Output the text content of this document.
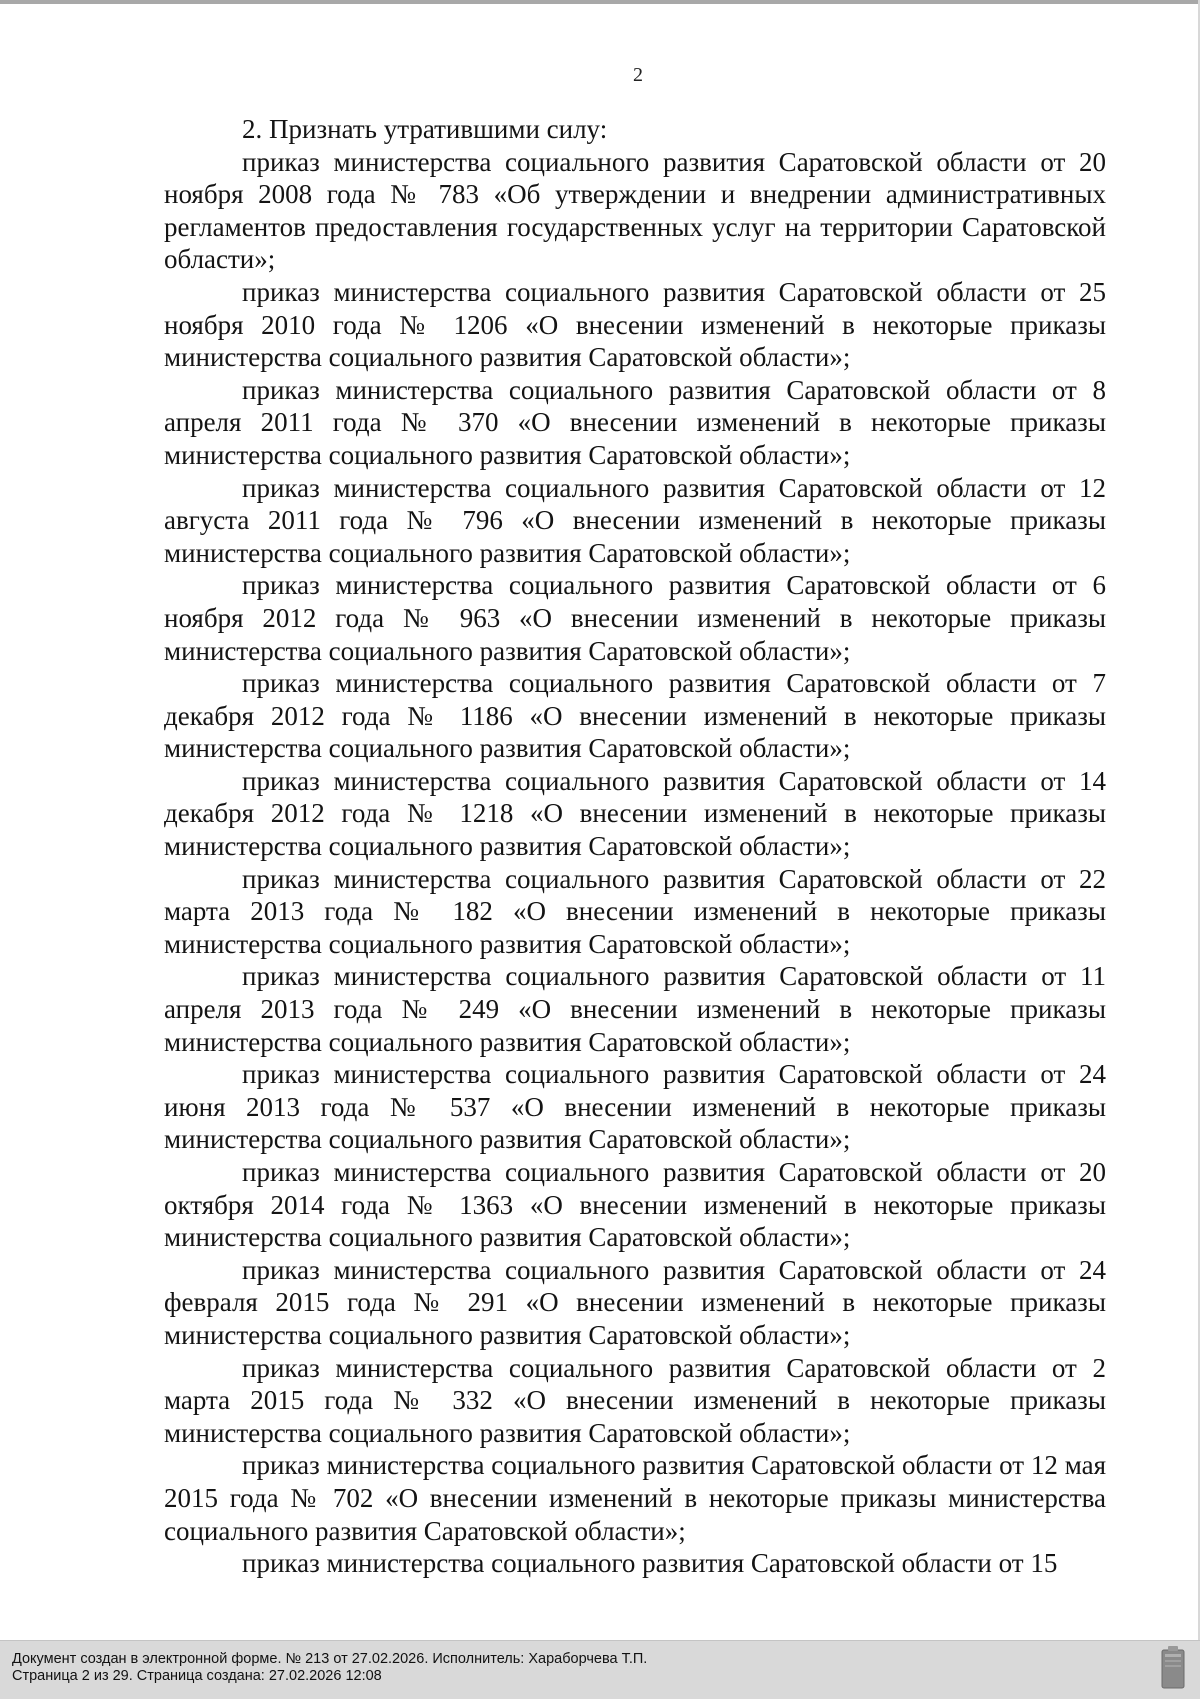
2

2. Признать утратившими силу:

приказ министерства социального развития Саратовской области от 20 ноября 2008 года № 783 «Об утверждении и внедрении административных регламентов предоставления государственных услуг на территории Саратовской области»;

приказ министерства социального развития Саратовской области от 25 ноября 2010 года № 1206 «О внесении изменений в некоторые приказы министерства социального развития Саратовской области»;

приказ министерства социального развития Саратовской области от 8 апреля 2011 года № 370 «О внесении изменений в некоторые приказы министерства социального развития Саратовской области»;

приказ министерства социального развития Саратовской области от 12 августа 2011 года № 796 «О внесении изменений в некоторые приказы министерства социального развития Саратовской области»;

приказ министерства социального развития Саратовской области от 6 ноября 2012 года № 963 «О внесении изменений в некоторые приказы министерства социального развития Саратовской области»;

приказ министерства социального развития Саратовской области от 7 декабря 2012 года № 1186 «О внесении изменений в некоторые приказы министерства социального развития Саратовской области»;

приказ министерства социального развития Саратовской области от 14 декабря 2012 года № 1218 «О внесении изменений в некоторые приказы министерства социального развития Саратовской области»;

приказ министерства социального развития Саратовской области от 22 марта 2013 года № 182 «О внесении изменений в некоторые приказы министерства социального развития Саратовской области»;

приказ министерства социального развития Саратовской области от 11 апреля 2013 года № 249 «О внесении изменений в некоторые приказы министерства социального развития Саратовской области»;

приказ министерства социального развития Саратовской области от 24 июня 2013 года № 537 «О внесении изменений в некоторые приказы министерства социального развития Саратовской области»;

приказ министерства социального развития Саратовской области от 20 октября 2014 года № 1363 «О внесении изменений в некоторые приказы министерства социального развития Саратовской области»;

приказ министерства социального развития Саратовской области от 24 февраля 2015 года № 291 «О внесении изменений в некоторые приказы министерства социального развития Саратовской области»;

приказ министерства социального развития Саратовской области от 2 марта 2015 года № 332 «О внесении изменений в некоторые приказы министерства социального развития Саратовской области»;

приказ министерства социального развития Саратовской области от 12 мая 2015 года № 702 «О внесении изменений в некоторые приказы министерства социального развития Саратовской области»;

приказ министерства социального развития Саратовской области от 15

Документ создан в электронной форме. № 213 от 27.02.2026. Исполнитель: Хараборчева Т.П.
Страница 2 из 29. Страница создана: 27.02.2026 12:08
